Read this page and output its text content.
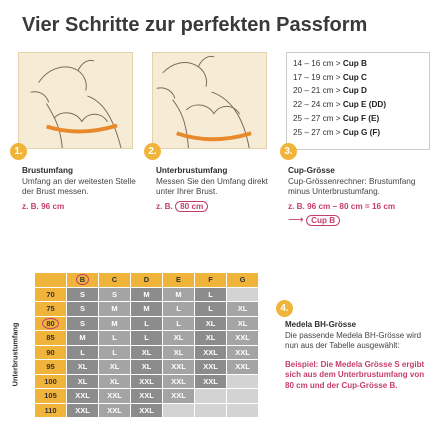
Vier Schritte zur perfekten Passform
1.
Brustumfang
Umfang an der weitesten Stelle der Brust messen.
z. B. 96 cm
2.
Unterbrustumfang
Messen Sie den Umfang direkt unter Ihrer Brust.
z. B. 80 cm
14 – 16 cm > Cup B
17 – 19 cm > Cup C
20 – 21 cm > Cup D
22 – 24 cm > Cup E (DD)
25 – 27 cm > Cup F (E)
25 – 27 cm > Cup G (F)
3.
Cup-Grösse
Cup-Grössenrechner: Brustumfang minus Unterbrustumfang.
z. B. 96 cm – 80 cm = 16 cm
⟶ Cup B
Unterbrustumfang
	B	C	D	E	F	G
70	S	S	M	M	L	
75	S	M	M	L	L	XL
80	S	M	L	L	XL	XL
85	M	L	L	XL	XL	XXL
90	L	L	XL	XL	XXL	XXL
95	XL	XL	XL	XXL	XXL	XXL
100	XL	XL	XXL	XXL	XXL	
105	XXL	XXL	XXL	XXL		
110	XXL	XXL	XXL			
4.
Medela BH-Grösse
Die passende Medela BH-Grösse wird nun aus der Tabelle ausgewählt:
Beispiel: Die Medela Grösse S ergibt sich aus dem Unterbrustumfang von 80 cm und der Cup-Grösse B.
